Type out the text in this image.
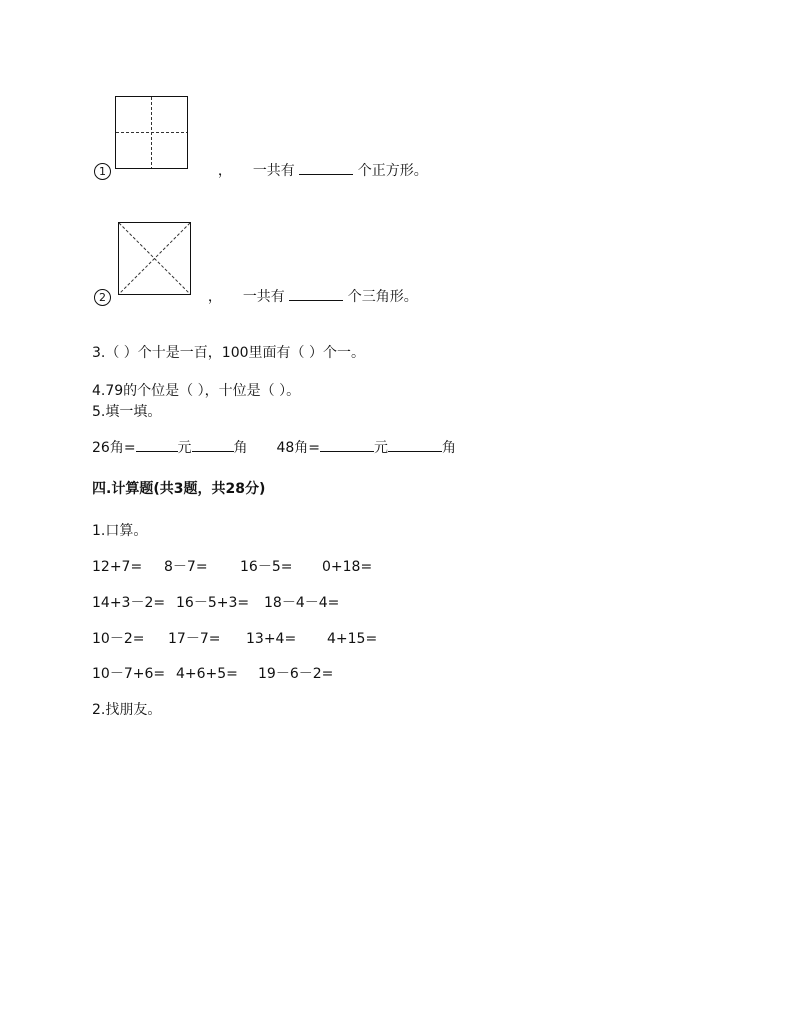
1	， 一共有	个正方形。
2	， 一共有	个三角形。
3.（ ）个十是一百，100里面有（ ）个一。
4.79的个位是（ ），十位是（ ）。
5.填一填。
26角=	元	角 48角=	元	角
四.计算题(共3题，共28分)
1.口算。
12+7= 8－7= 16－5= 0+18=
14+3－2= 16－5+3= 18－4－4=
10－2= 17－7= 13+4= 4+15=
10－7+6= 4+6+5= 19－6－2=
2.找朋友。
